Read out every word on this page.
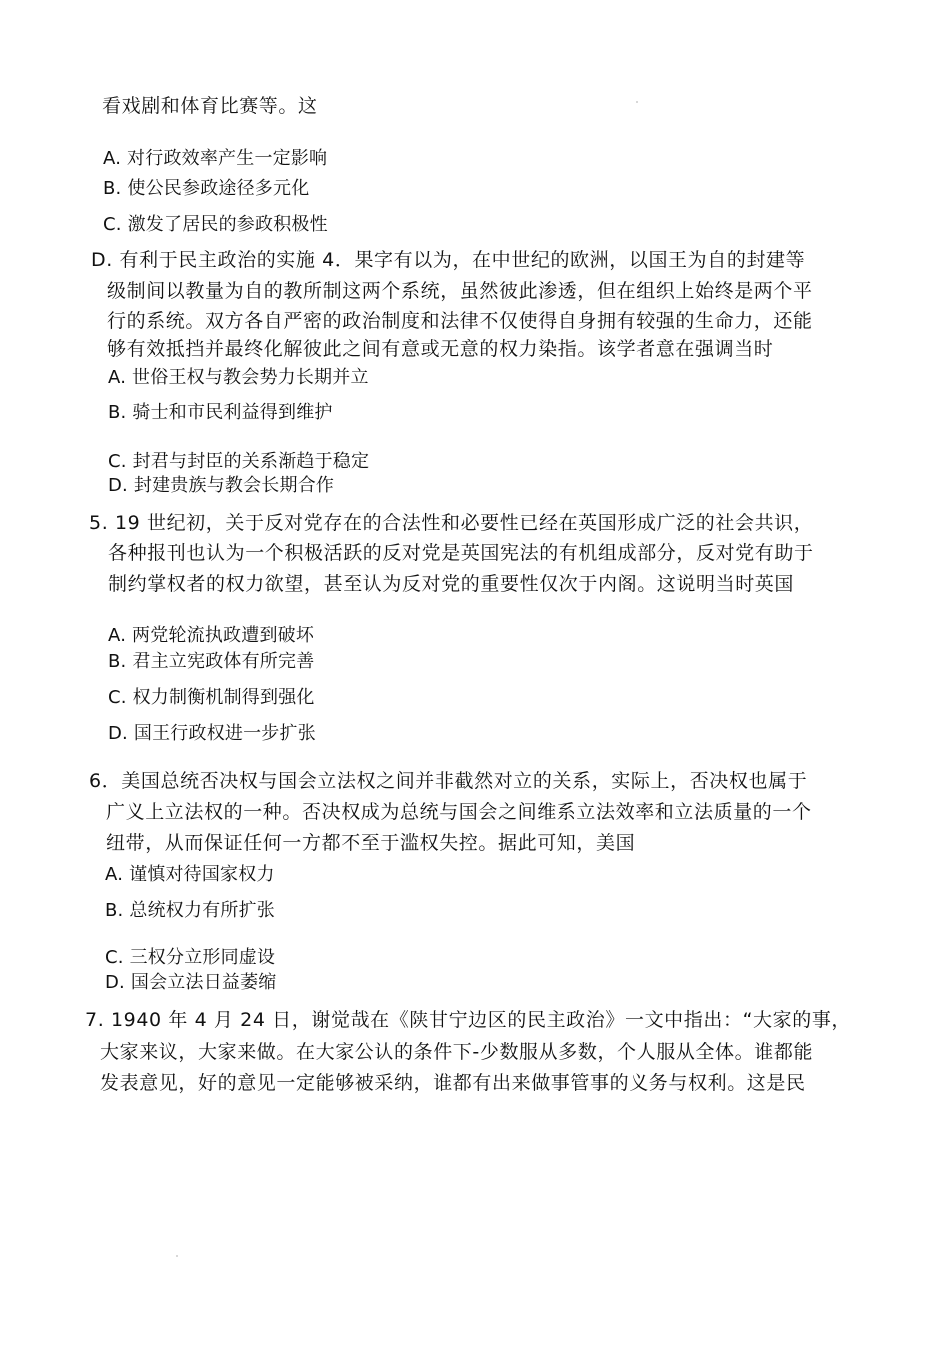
看戏剧和体育比赛等。这
A. 对行政效率产生一定影响
B. 使公民参政途径多元化
C. 激发了居民的参政积极性
D. 有利于民主政治的实施 4．果字有以为，在中世纪的欧洲，以国王为自的封建等
级制间以教量为自的教所制这两个系统，虽然彼此渗透，但在组织上始终是两个平
行的系统。双方各自严密的政治制度和法律不仅使得自身拥有较强的生命力，还能
够有效抵挡并最终化解彼此之间有意或无意的权力染指。该学者意在强调当时
A. 世俗王权与教会势力长期并立
B. 骑士和市民利益得到维护
C. 封君与封臣的关系渐趋于稳定
D. 封建贵族与教会长期合作
5. 19 世纪初，关于反对党存在的合法性和必要性已经在英国形成广泛的社会共识，
各种报刊也认为一个积极活跃的反对党是英国宪法的有机组成部分，反对党有助于
制约掌权者的权力欲望，甚至认为反对党的重要性仅次于内阁。这说明当时英国
A. 两党轮流执政遭到破坏
B. 君主立宪政体有所完善
C. 权力制衡机制得到强化
D. 国王行政权进一步扩张
6．美国总统否决权与国会立法权之间并非截然对立的关系，实际上，否决权也属于
广义上立法权的一种。否决权成为总统与国会之间维系立法效率和立法质量的一个
纽带，从而保证任何一方都不至于滥权失控。据此可知，美国
A. 谨慎对待国家权力
B. 总统权力有所扩张
C. 三权分立形同虚设
D. 国会立法日益萎缩
7. 1940 年 4 月 24 日，谢觉哉在《陕甘宁边区的民主政治》一文中指出：“大家的事，
大家来议，大家来做。在大家公认的条件下-少数服从多数，个人服从全体。谁都能
发表意见，好的意见一定能够被采纳，谁都有出来做事管事的义务与权利。这是民
